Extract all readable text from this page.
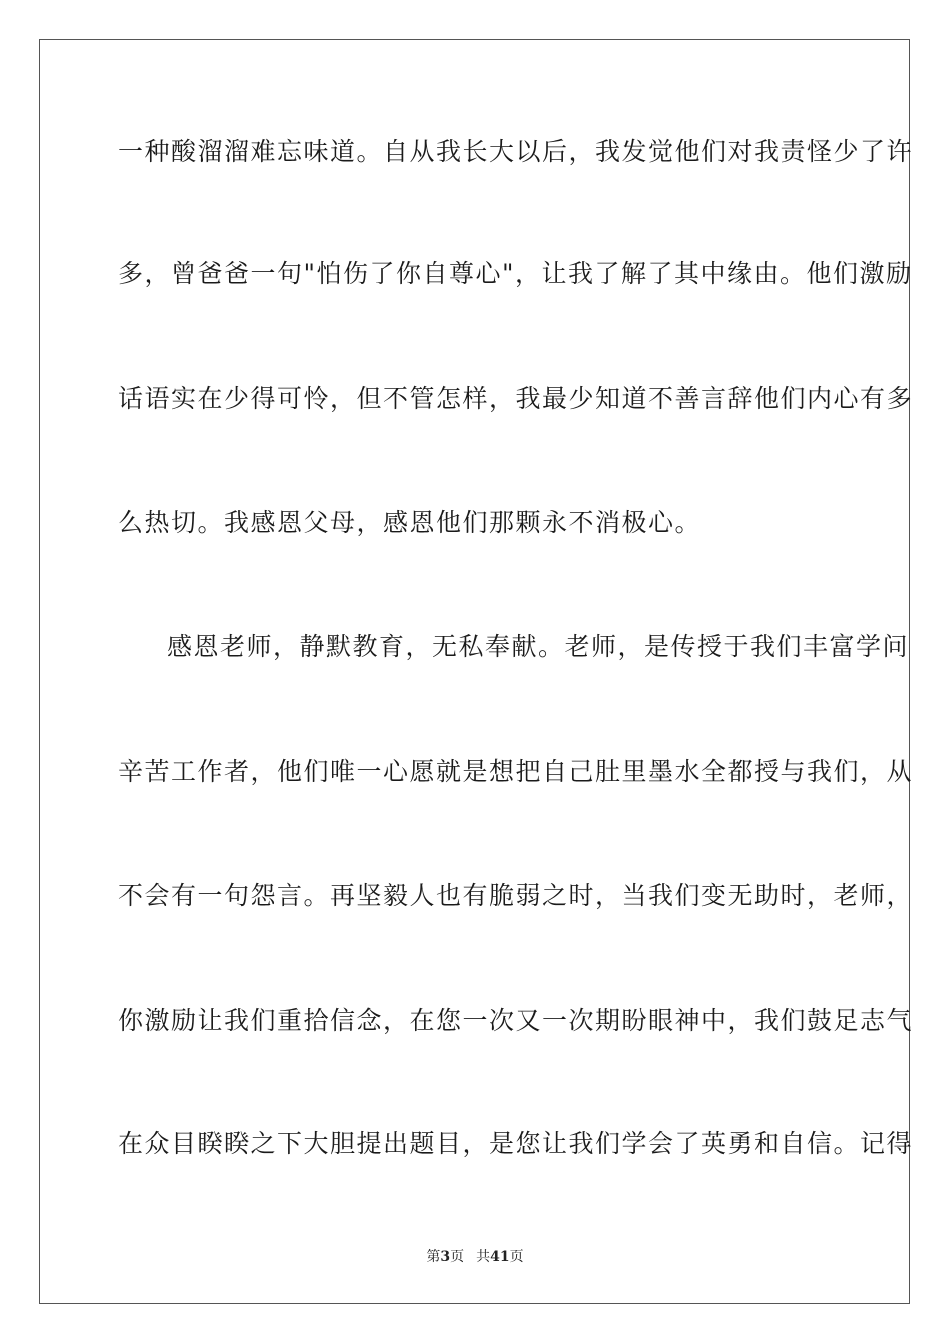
一种酸溜溜难忘味道。自从我长大以后，我发觉他们对我责怪少了许
多，曾爸爸一句"怕伤了你自尊心"，让我了解了其中缘由。他们激励
话语实在少得可怜，但不管怎样，我最少知道不善言辞他们内心有多
么热切。我感恩父母，感恩他们那颗永不消极心。
感恩老师，静默教育，无私奉献。老师，是传授于我们丰富学问
辛苦工作者，他们唯一心愿就是想把自己肚里墨水全都授与我们，从
不会有一句怨言。再坚毅人也有脆弱之时，当我们变无助时，老师，
你激励让我们重拾信念，在您一次又一次期盼眼神中，我们鼓足志气
在众目睽睽之下大胆提出题目，是您让我们学会了英勇和自信。记得
第3页 共41页
